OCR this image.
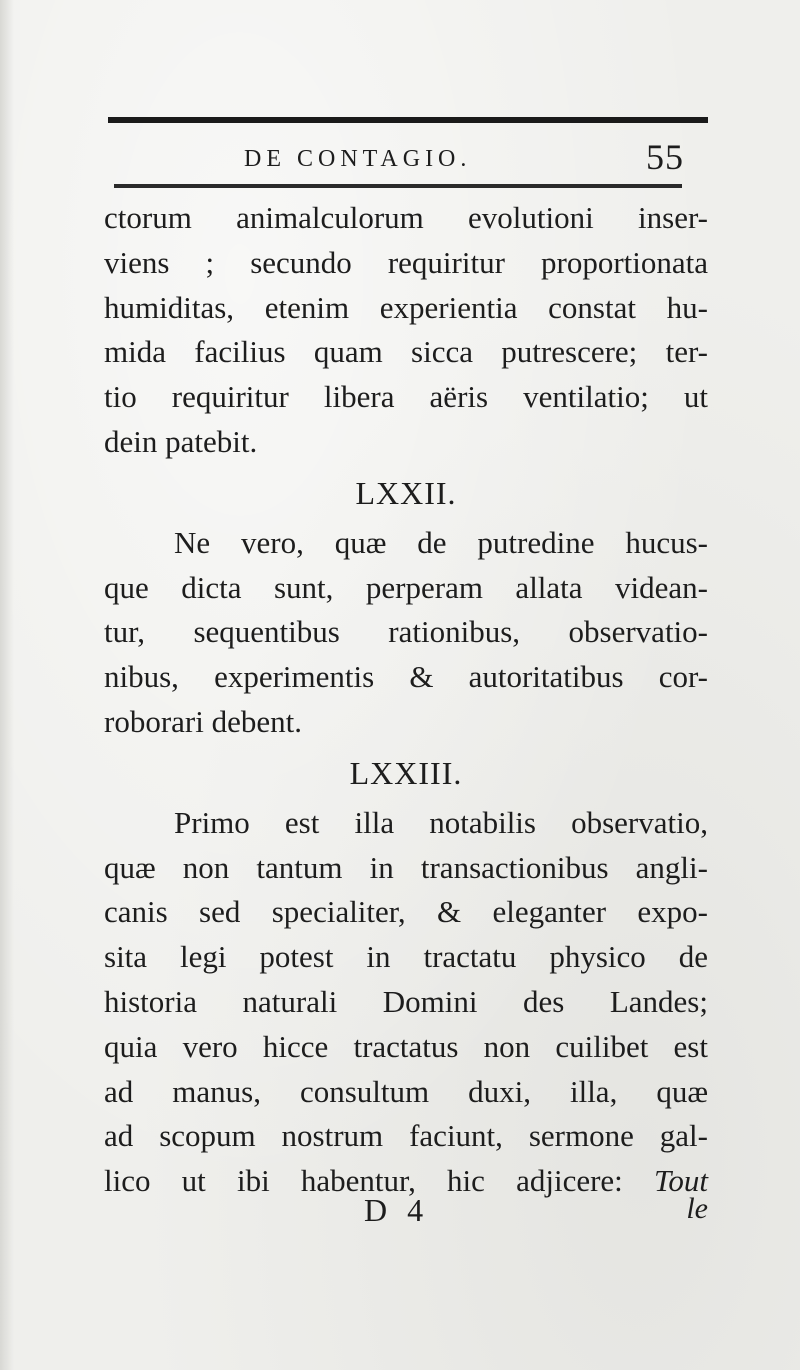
DE CONTAGIO.	55
ctorum animalculorum evolutioni inser-
viens ; secundo requiritur proportionata
humiditas, etenim experientia constat hu-
mida facilius quam sicca putrescere; ter-
tio requiritur libera aëris ventilatio; ut
dein patebit.
LXXII.
Ne vero, quæ de putredine hucus-
que dicta sunt, perperam allata videan-
tur, sequentibus rationibus, observatio-
nibus, experimentis & autoritatibus cor-
roborari debent.
LXXIII.
Primo est illa notabilis observatio,
quæ non tantum in transactionibus angli-
canis sed specialiter, & eleganter expo-
sita legi potest in tractatu physico de
historia naturali Domini des Landes;
quia vero hicce tractatus non cuilibet est
ad manus, consultum duxi, illa, quæ
ad scopum nostrum faciunt, sermone gal-
lico ut ibi habentur, hic adjicere: Tout
D 4	le
